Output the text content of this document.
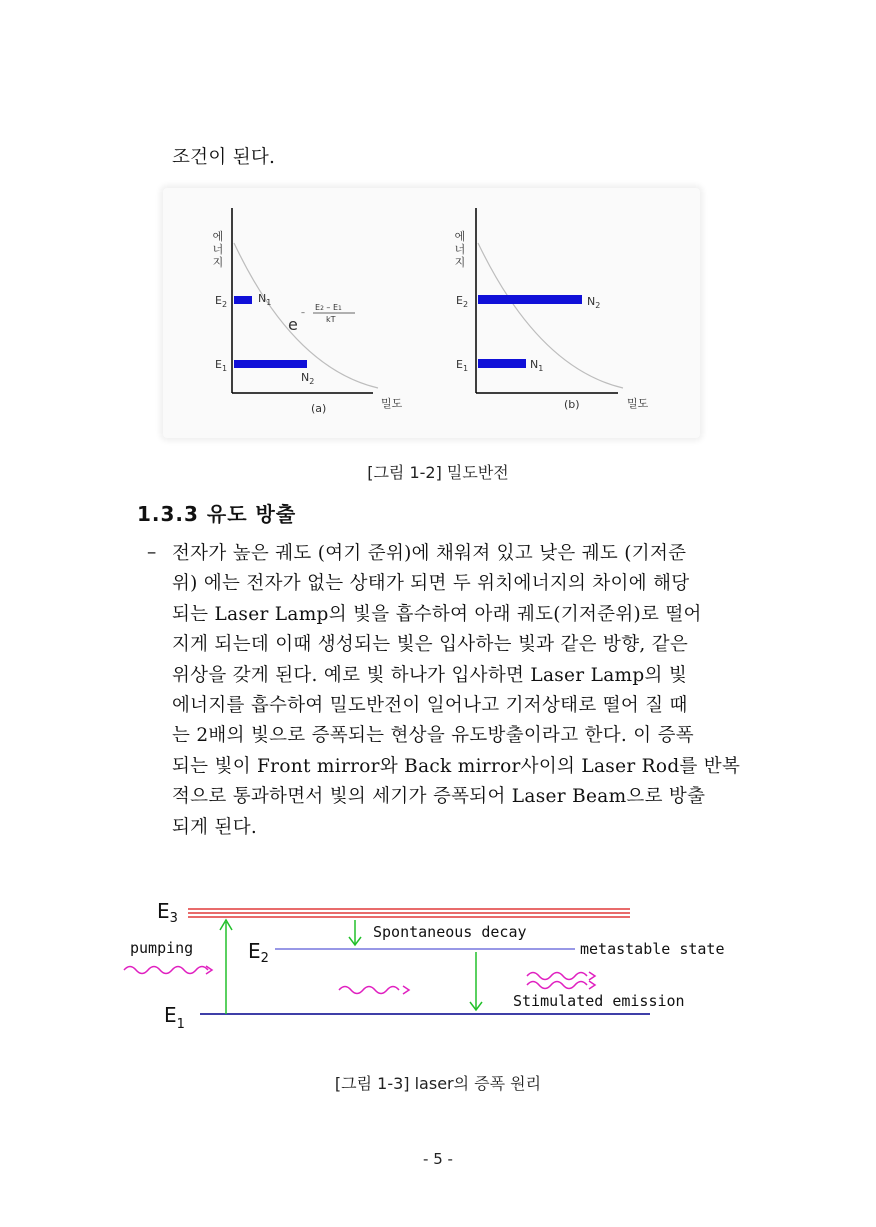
조건이 된다.
에
너
지
$E_2$
$E_1$
$N_1$
$N_2$
e
–
E2 – E1
kT
(a)	밀도
에
너
지
$E_2$
$E_1$
$N_2$
$N_1$
(b)	밀도
[그림 1-2] 밀도반전
1.3.3 유도 방출
– 전자가 높은 궤도 (여기 준위)에 채워져 있고 낮은 궤도 (기저준
위) 에는 전자가 없는 상태가 되면 두 위치에너지의 차이에 해당
되는 Laser Lamp의 빛을 흡수하여 아래 궤도(기저준위)로 떨어
지게 되는데 이때 생성되는 빛은 입사하는 빛과 같은 방향, 같은
위상을 갖게 된다. 예로 빛 하나가 입사하면 Laser Lamp의 빛
에너지를 흡수하여 밀도반전이 일어나고 기저상태로 떨어 질 때
는 2배의 빛으로 증폭되는 현상을 유도방출이라고 한다. 이 증폭
되는 빛이 Front mirror와 Back mirror사이의 Laser Rod를 반복
적으로 통과하면서 빛의 세기가 증폭되어 Laser Beam으로 방출
되게 된다.
$E_3$
$E_2$
$E_1$
pumping
Spontaneous decay
metastable state
Stimulated emission
[그림 1-3] laser의 증폭 원리
- 5 -
